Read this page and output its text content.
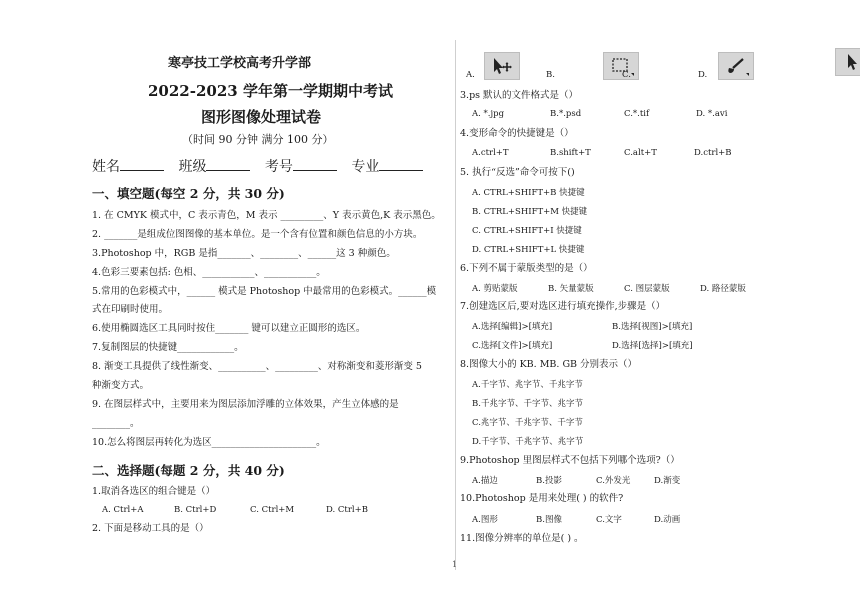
寒亭技工学校高考升学部
2022-2023 学年第一学期期中考试
图形图像处理试卷
（时间 90 分钟 满分 100 分）
姓名	班级	考号	专业
一、填空题(每空 2 分，共 30 分)
1. 在 CMYK 模式中，C 表示青色，M 表示 _________、Y 表示黄色,K 表示黑色。
2. _______是组成位图图像的基本单位。是一个含有位置和颜色信息的小方块。
3.Photoshop 中，RGB 是指_______、________、______这 3 种颜色。
4.色彩三要素包括: 色相、___________、___________。
5.常用的色彩模式中，______ 模式是 Photoshop 中最常用的色彩模式。______模
式在印刷时使用。
6.使用椭圆选区工具同时按住_______ 键可以建立正圆形的选区。
7.复制图层的快捷键____________。
8. 渐变工具提供了线性渐变、__________、_________、对称渐变和菱形渐变 5
种渐变方式。
9. 在图层样式中，主要用来为图层添加浮雕的立体效果，产生立体感的是
________。
10.怎么将图层再转化为选区______________________。
二、选择题(每题 2 分，共 40 分)
1.取消各选区的组合键是（）
A. Ctrl+A	B. Ctrl+D	C. Ctrl+M	D. Ctrl+B
2. 下面是移动工具的是（）
1
A.
	B.
	C.
	D.
3.ps 默认的文件格式是（）
A. *.jpg	B.*.psd	C.*.tif	D. *.avi
4.变形命令的快捷键是（）
A.ctrl+T	B.shift+T	C.alt+T	D.ctrl+B
5. 执行“反选”命令可按下()
A. CTRL+SHIFT+B 快捷键
B. CTRL+SHIFT+M 快捷键
C. CTRL+SHIFT+I 快捷键
D. CTRL+SHIFT+L 快捷键
6.下列不属于蒙版类型的是（）
A. 剪贴蒙版	B. 矢量蒙版	C. 图层蒙版	D. 路径蒙版
7.创建选区后,要对选区进行填充操作,步骤是（）
A.选择[编辑]>[填充]	B.选择[视图]>[填充]
C.选择[文件]>[填充]	D.选择[选择]>[填充]
8.图像大小的 KB. MB. GB 分别表示（）
A.千字节、兆字节、千兆字节
B.千兆字节、千字节、兆字节
C.兆字节、千兆字节、千字节
D.千字节、千兆字节、兆字节
9.Photoshop 里图层样式不包括下列哪个选项?（）
A.描边	B.投影	C.外发光	D.渐变
10.Photoshop 是用来处理( ) 的软件?
A.图形	B.图像	C.文字	D.动画
11.图像分辨率的单位是( ) 。
